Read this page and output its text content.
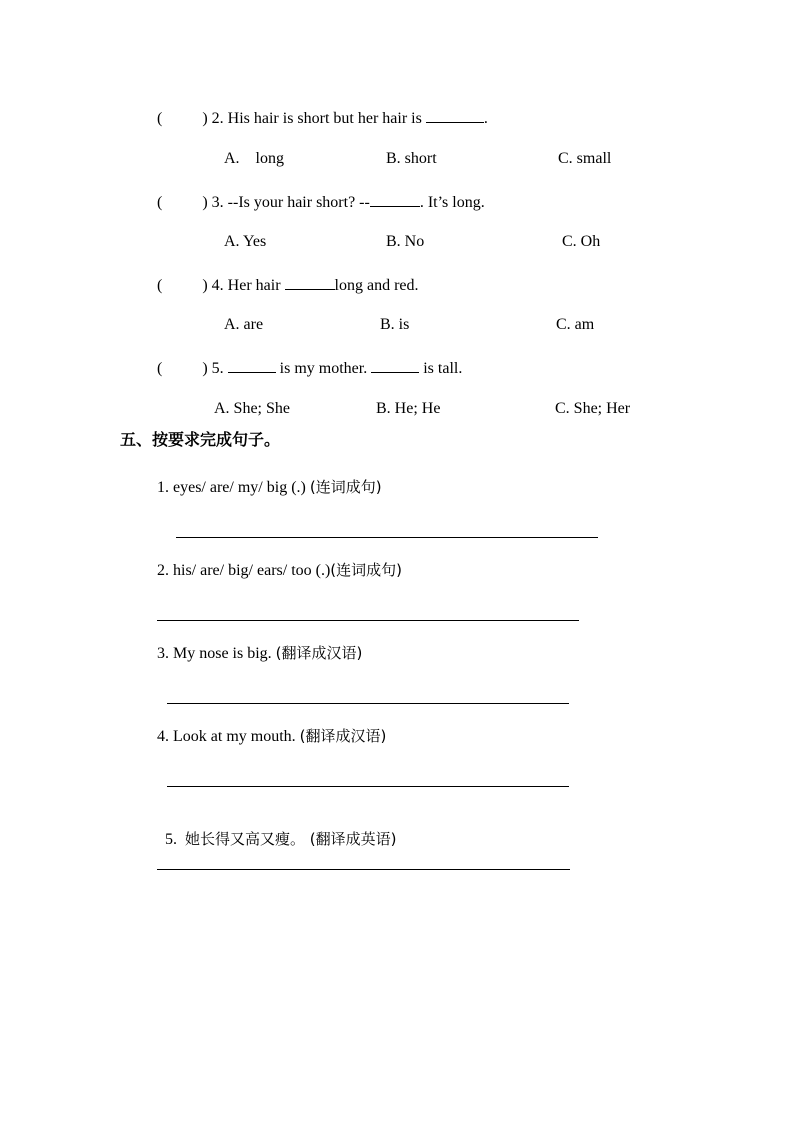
(	) 2. His hair is short but her hair is	.
A.    long	B. short	C. small
(	) 3. --Is your hair short? --	. It’s long.
A. Yes	B. No	C. Oh
(	) 4. Her hair	long and red.
A. are	B. is	C. am
(	) 5.	is my mother.	is tall.
A. She; She	B. He; He	C. She; Her
五、按要求完成句子。
1. eyes/ are/ my/ big (.) (连词成句)
2. his/ are/ big/ ears/ too (.)(连词成句)
3. My nose is big. (翻译成汉语)
4. Look at my mouth. (翻译成汉语)

5.  她长得又高又瘦。 (翻译成英语)
